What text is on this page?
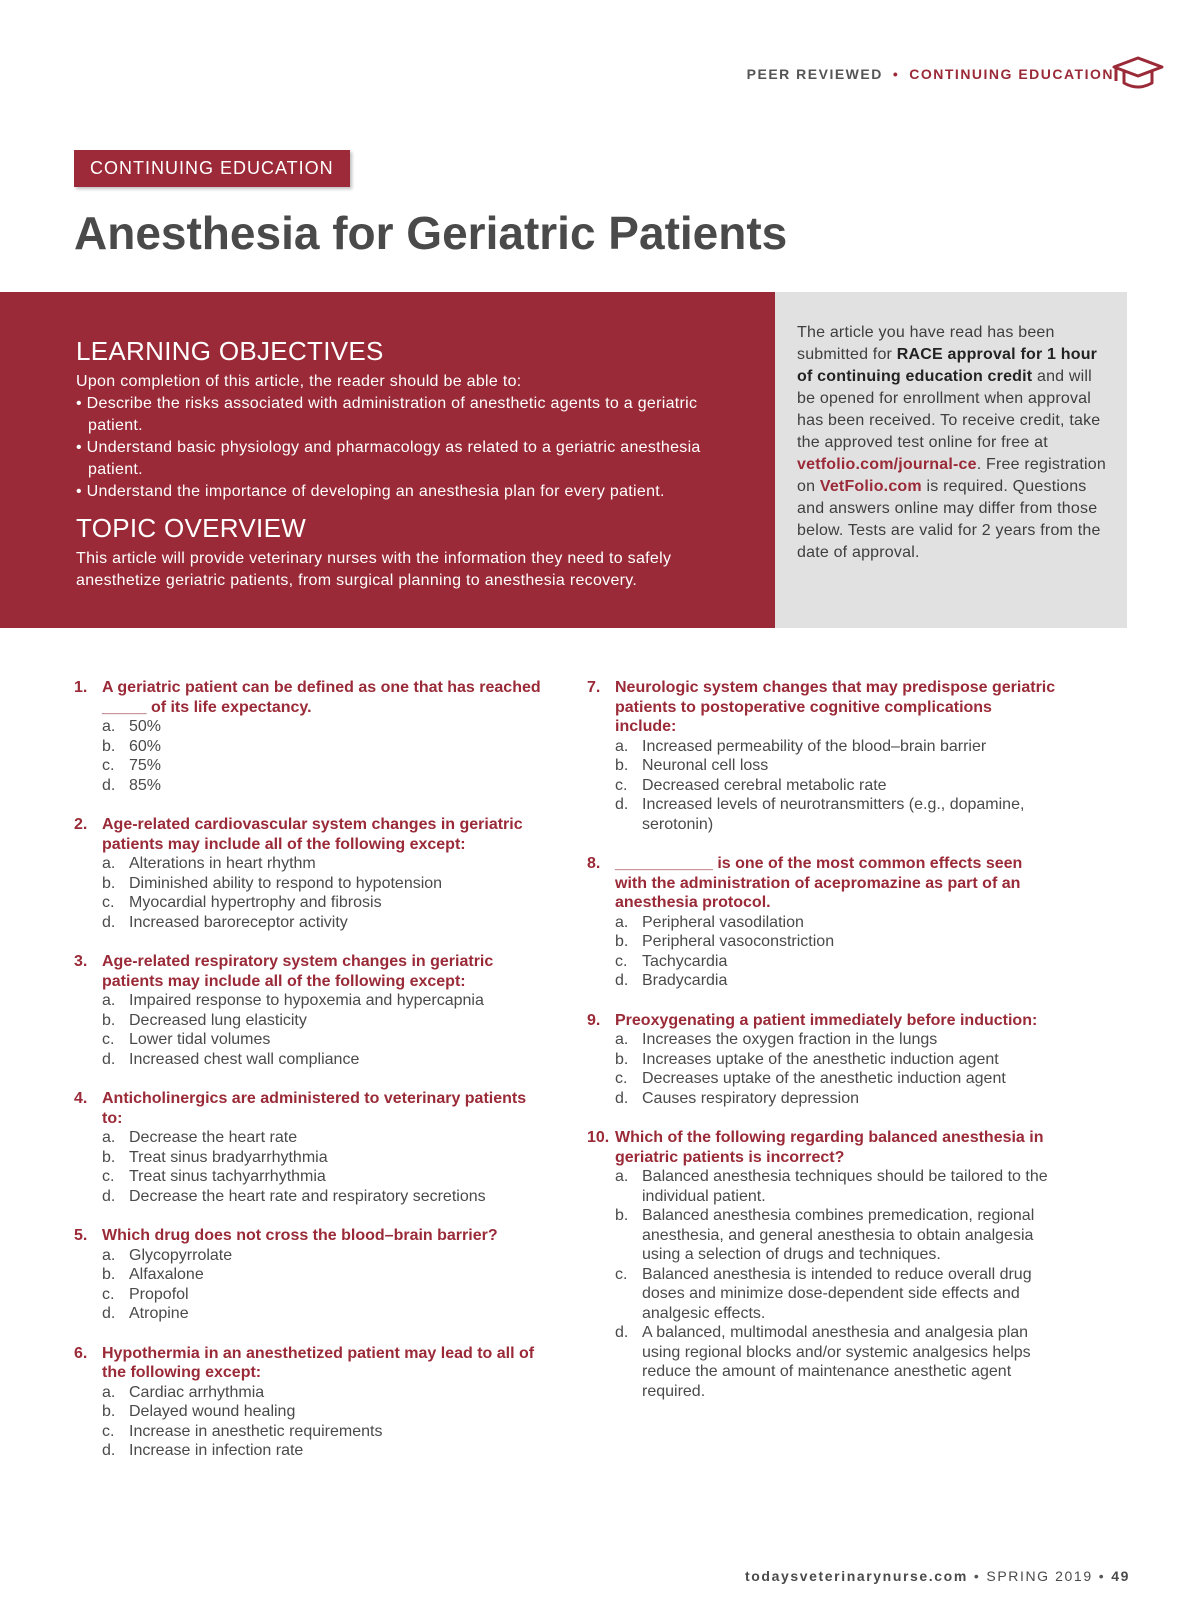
PEER REVIEWED • CONTINUING EDUCATION
CONTINUING EDUCATION
Anesthesia for Geriatric Patients
LEARNING OBJECTIVES
Upon completion of this article, the reader should be able to:
• Describe the risks associated with administration of anesthetic agents to a geriatric patient.
• Understand basic physiology and pharmacology as related to a geriatric anesthesia patient.
• Understand the importance of developing an anesthesia plan for every patient.
TOPIC OVERVIEW
This article will provide veterinary nurses with the information they need to safely anesthetize geriatric patients, from surgical planning to anesthesia recovery.
The article you have read has been submitted for RACE approval for 1 hour of continuing education credit and will be opened for enrollment when approval has been received. To receive credit, take the approved test online for free at vetfolio.com/journal-ce. Free registration on VetFolio.com is required. Questions and answers online may differ from those below. Tests are valid for 2 years from the date of approval.
1. A geriatric patient can be defined as one that has reached _____ of its life expectancy.
a. 50%
b. 60%
c. 75%
d. 85%
2. Age-related cardiovascular system changes in geriatric patients may include all of the following except:
a. Alterations in heart rhythm
b. Diminished ability to respond to hypotension
c. Myocardial hypertrophy and fibrosis
d. Increased baroreceptor activity
3. Age-related respiratory system changes in geriatric patients may include all of the following except:
a. Impaired response to hypoxemia and hypercapnia
b. Decreased lung elasticity
c. Lower tidal volumes
d. Increased chest wall compliance
4. Anticholinergics are administered to veterinary patients to:
a. Decrease the heart rate
b. Treat sinus bradyarrhythmia
c. Treat sinus tachyarrhythmia
d. Decrease the heart rate and respiratory secretions
5. Which drug does not cross the blood–brain barrier?
a. Glycopyrrolate
b. Alfaxalone
c. Propofol
d. Atropine
6. Hypothermia in an anesthetized patient may lead to all of the following except:
a. Cardiac arrhythmia
b. Delayed wound healing
c. Increase in anesthetic requirements
d. Increase in infection rate
7. Neurologic system changes that may predispose geriatric patients to postoperative cognitive complications include:
a. Increased permeability of the blood–brain barrier
b. Neuronal cell loss
c. Decreased cerebral metabolic rate
d. Increased levels of neurotransmitters (e.g., dopamine, serotonin)
8. ___________ is one of the most common effects seen with the administration of acepromazine as part of an anesthesia protocol.
a. Peripheral vasodilation
b. Peripheral vasoconstriction
c. Tachycardia
d. Bradycardia
9. Preoxygenating a patient immediately before induction:
a. Increases the oxygen fraction in the lungs
b. Increases uptake of the anesthetic induction agent
c. Decreases uptake of the anesthetic induction agent
d. Causes respiratory depression
10. Which of the following regarding balanced anesthesia in geriatric patients is incorrect?
a. Balanced anesthesia techniques should be tailored to the individual patient.
b. Balanced anesthesia combines premedication, regional anesthesia, and general anesthesia to obtain analgesia using a selection of drugs and techniques.
c. Balanced anesthesia is intended to reduce overall drug doses and minimize dose-dependent side effects and analgesic effects.
d. A balanced, multimodal anesthesia and analgesia plan using regional blocks and/or systemic analgesics helps reduce the amount of maintenance anesthetic agent required.
todaysveterinarynurse.com • SPRING 2019 • 49
